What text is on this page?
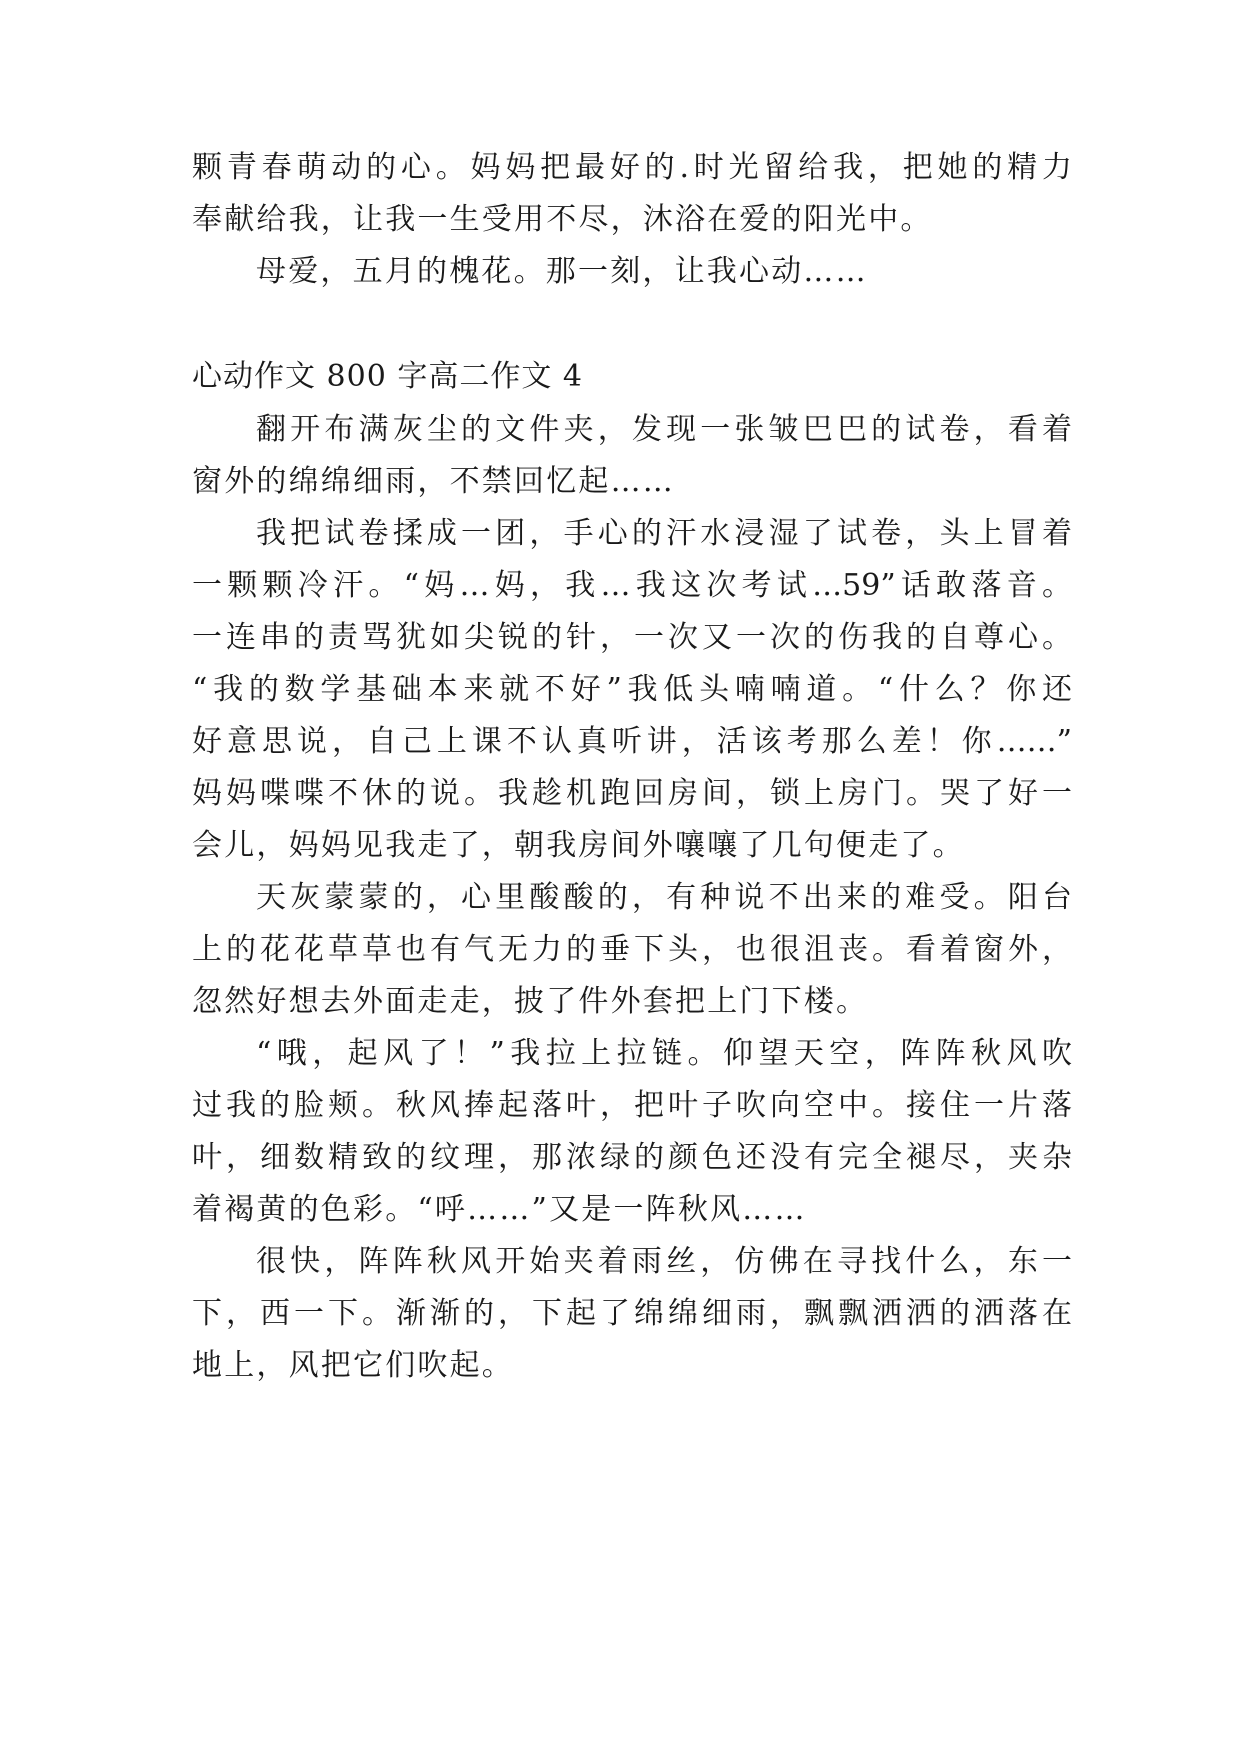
颗青春萌动的心。妈妈把最好的.时光留给我，把她的精力
奉献给我，让我一生受用不尽，沐浴在爱的阳光中。
母爱，五月的槐花。那一刻，让我心动……
心动作文 800 字高二作文 4
翻开布满灰尘的文件夹，发现一张皱巴巴的试卷，看着
窗外的绵绵细雨，不禁回忆起……
我把试卷揉成一团，手心的汗水浸湿了试卷，头上冒着
一颗颗冷汗。“妈…妈，我…我这次考试…59”话敢落音。
一连串的责骂犹如尖锐的针，一次又一次的伤我的自尊心。
“我的数学基础本来就不好”我低头喃喃道。“什么？你还
好意思说，自己上课不认真听讲，活该考那么差！你……”
妈妈喋喋不休的说。我趁机跑回房间，锁上房门。哭了好一
会儿，妈妈见我走了，朝我房间外嚷嚷了几句便走了。
天灰蒙蒙的，心里酸酸的，有种说不出来的难受。阳台
上的花花草草也有气无力的垂下头，也很沮丧。看着窗外，
忽然好想去外面走走，披了件外套把上门下楼。
“哦，起风了！”我拉上拉链。仰望天空，阵阵秋风吹
过我的脸颊。秋风捧起落叶，把叶子吹向空中。接住一片落
叶，细数精致的纹理，那浓绿的颜色还没有完全褪尽，夹杂
着褐黄的色彩。“呼……”又是一阵秋风……
很快，阵阵秋风开始夹着雨丝，仿佛在寻找什么，东一
下，西一下。渐渐的，下起了绵绵细雨，飘飘洒洒的洒落在
地上，风把它们吹起。
